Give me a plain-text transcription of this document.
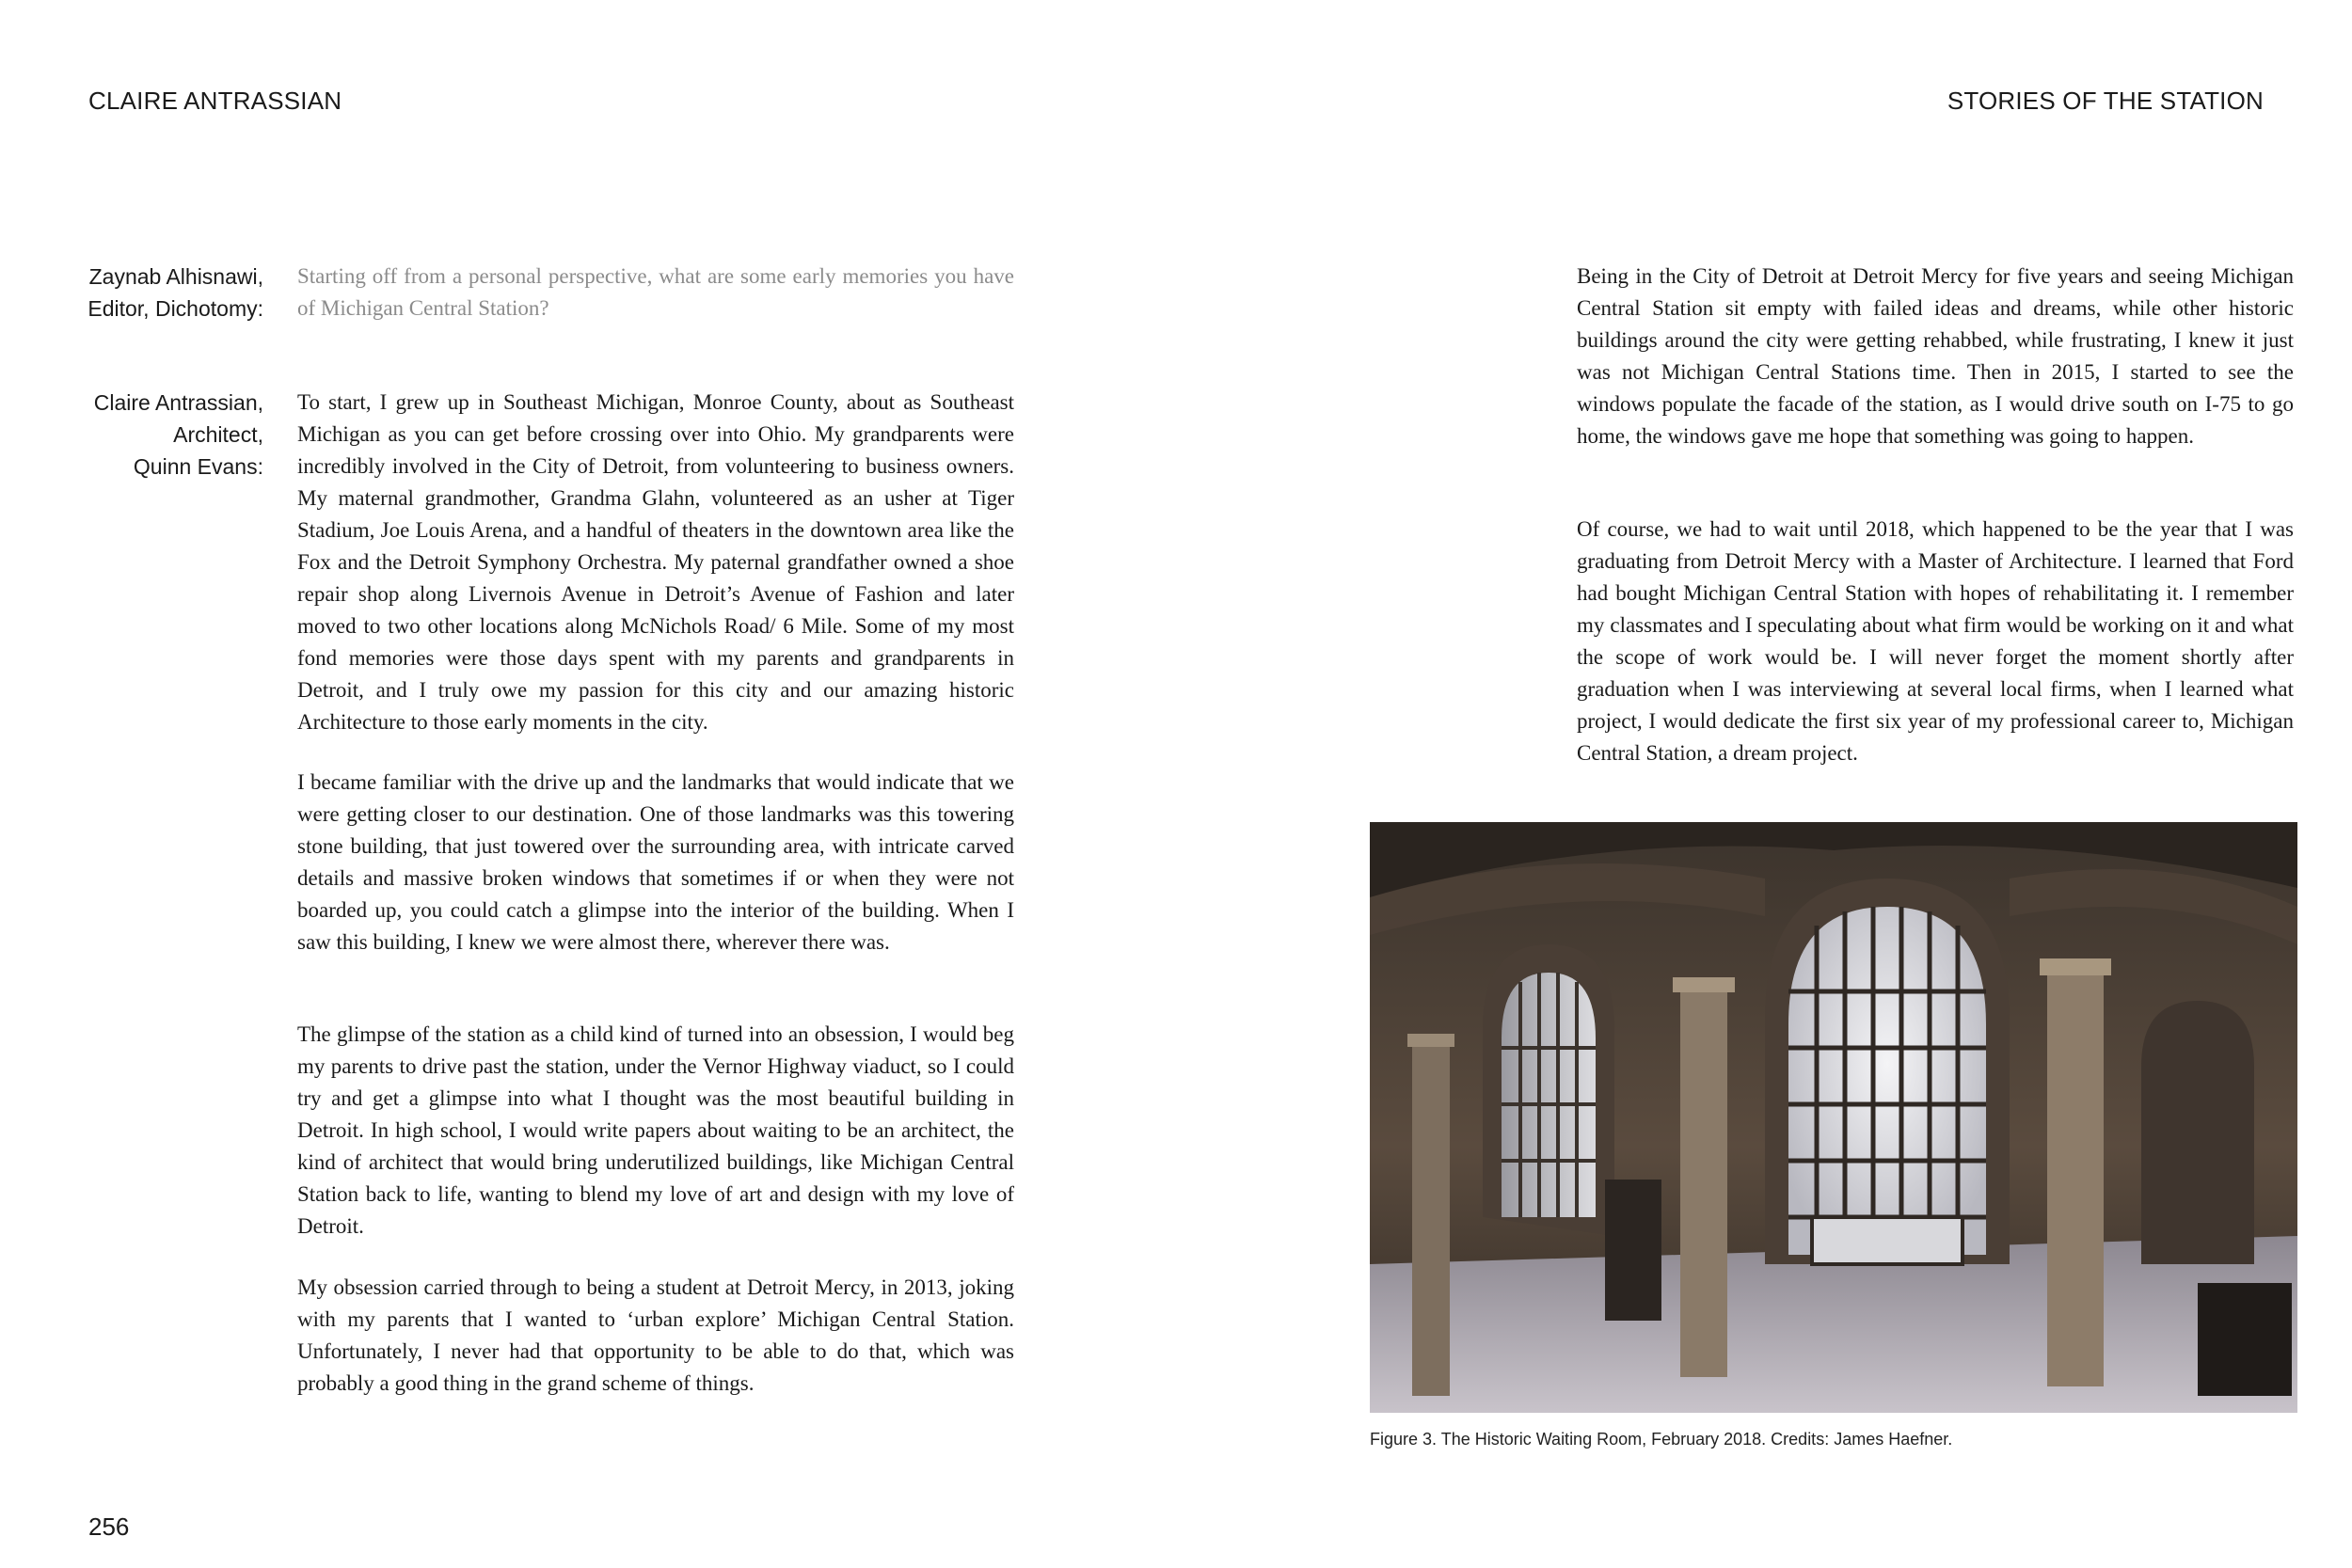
CLAIRE ANTRASSIAN	STORIES OF THE STATION
Zaynab Alhisnawi,
Editor, Dichotomy:

Starting off from a personal perspective, what are some early memories you have of Michigan Central Station?

Claire Antrassian,
Architect,
Quinn Evans:

To start, I grew up in Southeast Michigan, Monroe County, about as Southeast Michigan as you can get before crossing over into Ohio. My grandparents were incredibly involved in the City of Detroit, from volunteering to business owners. My maternal grandmother, Grandma Glahn, volunteered as an usher at Tiger Stadium, Joe Louis Arena, and a handful of theaters in the downtown area like the Fox and the Detroit Symphony Orchestra. My paternal grandfather owned a shoe repair shop along Livernois Avenue in Detroit’s Avenue of Fashion and later moved to two other locations along McNichols Road/ 6 Mile. Some of my most fond memories were those days spent with my parents and grandparents in Detroit, and I truly owe my passion for this city and our amazing historic Architecture to those early moments in the city.

I became familiar with the drive up and the landmarks that would indicate that we were getting closer to our destination. One of those landmarks was this towering stone building, that just towered over the surrounding area, with intricate carved details and massive broken windows that sometimes if or when they were not boarded up, you could catch a glimpse into the interior of the building. When I saw this building, I knew we were almost there, wherever there was.

The glimpse of the station as a child kind of turned into an obsession, I would beg my parents to drive past the station, under the Vernor Highway viaduct, so I could try and get a glimpse into what I thought was the most beautiful building in Detroit. In high school, I would write papers about waiting to be an architect, the kind of architect that would bring underutilized buildings, like Michigan Central Station back to life, wanting to blend my love of art and design with my love of Detroit.

My obsession carried through to being a student at Detroit Mercy, in 2013, joking with my parents that I wanted to ‘urban explore’ Michigan Central Station. Unfortunately, I never had that opportunity to be able to do that, which was probably a good thing in the grand scheme of things.

256

Being in the City of Detroit at Detroit Mercy for five years and seeing Michigan Central Station sit empty with failed ideas and dreams, while other historic buildings around the city were getting rehabbed, while frustrating, I knew it just was not Michigan Central Stations time. Then in 2015, I started to see the windows populate the facade of the station, as I would drive south on I-75 to go home, the windows gave me hope that something was going to happen.

Of course, we had to wait until 2018, which happened to be the year that I was graduating from Detroit Mercy with a Master of Architecture. I learned that Ford had bought Michigan Central Station with hopes of rehabilitating it. I remember my classmates and I speculating about what firm would be working on it and what the scope of work would be. I will never forget the moment shortly after graduation when I was interviewing at several local firms, when I learned what project, I would dedicate the first six year of my professional career to, Michigan Central Station, a dream project.

Figure 3. The Historic Waiting Room, February 2018. Credits: James Haefner.
